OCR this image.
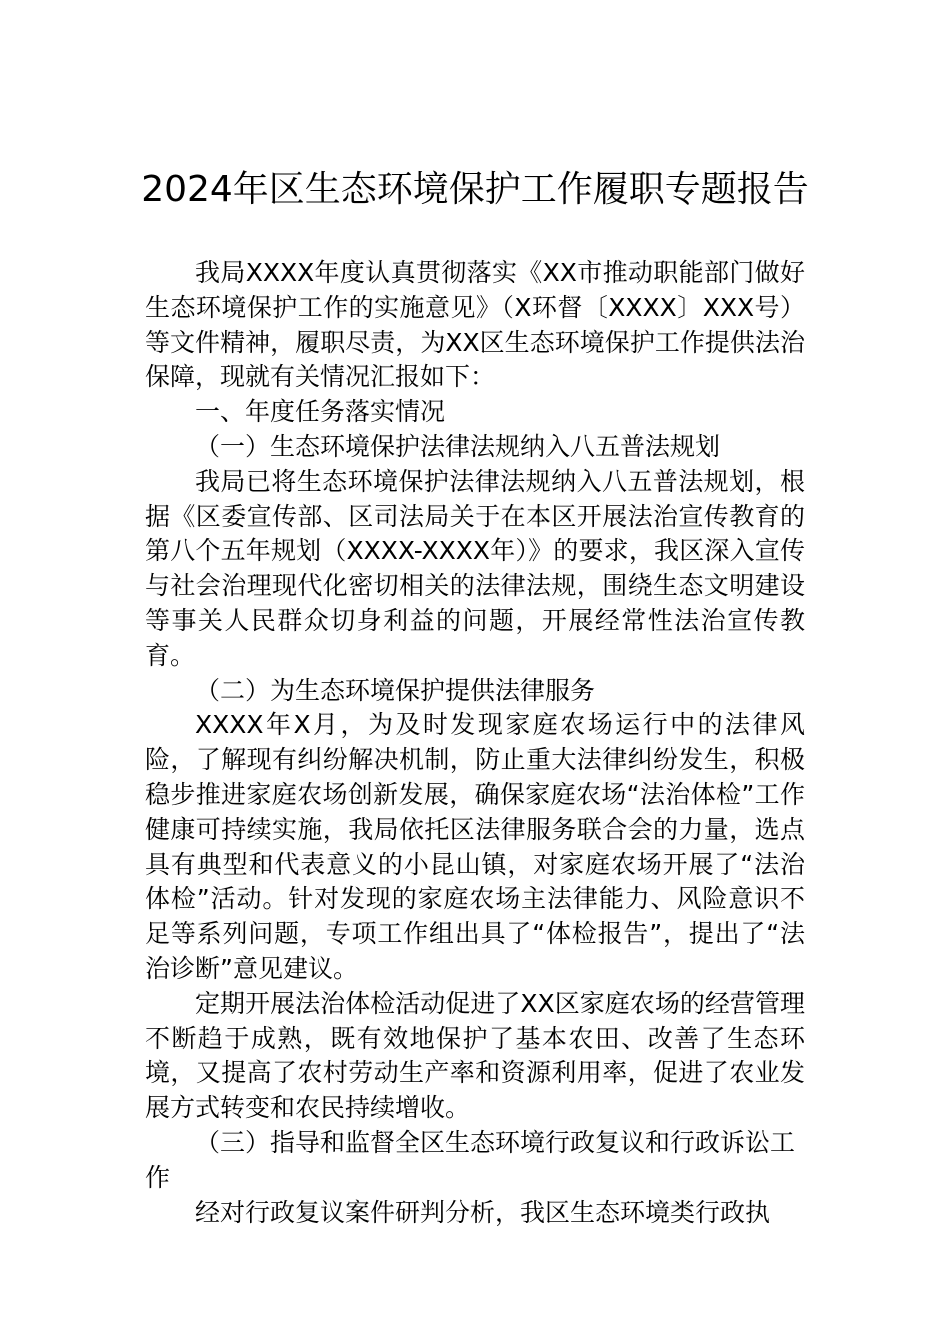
2024年区生态环境保护工作履职专题报告

我局XXXX年度认真贯彻落实《XX市推动职能部门做好生态环境保护工作的实施意见》（X环督〔XXXX〕XXX号）等文件精神，履职尽责，为XX区生态环境保护工作提供法治保障，现就有关情况汇报如下：

一、年度任务落实情况

（一）生态环境保护法律法规纳入八五普法规划

我局已将生态环境保护法律法规纳入八五普法规划，根据《区委宣传部、区司法局关于在本区开展法治宣传教育的第八个五年规划（XXXX-XXXX年）》的要求，我区深入宣传与社会治理现代化密切相关的法律法规，围绕生态文明建设等事关人民群众切身利益的问题，开展经常性法治宣传教育。

（二）为生态环境保护提供法律服务

XXXX年X月，为及时发现家庭农场运行中的法律风险，了解现有纠纷解决机制，防止重大法律纠纷发生，积极稳步推进家庭农场创新发展，确保家庭农场“法治体检”工作健康可持续实施，我局依托区法律服务联合会的力量，选点具有典型和代表意义的小昆山镇，对家庭农场开展了“法治体检”活动。针对发现的家庭农场主法律能力、风险意识不足等系列问题，专项工作组出具了“体检报告”，提出了“法治诊断”意见建议。

定期开展法治体检活动促进了XX区家庭农场的经营管理不断趋于成熟，既有效地保护了基本农田、改善了生态环境，又提高了农村劳动生产率和资源利用率，促进了农业发展方式转变和农民持续增收。

（三）指导和监督全区生态环境行政复议和行政诉讼工作

经对行政复议案件研判分析，我区生态环境类行政执
